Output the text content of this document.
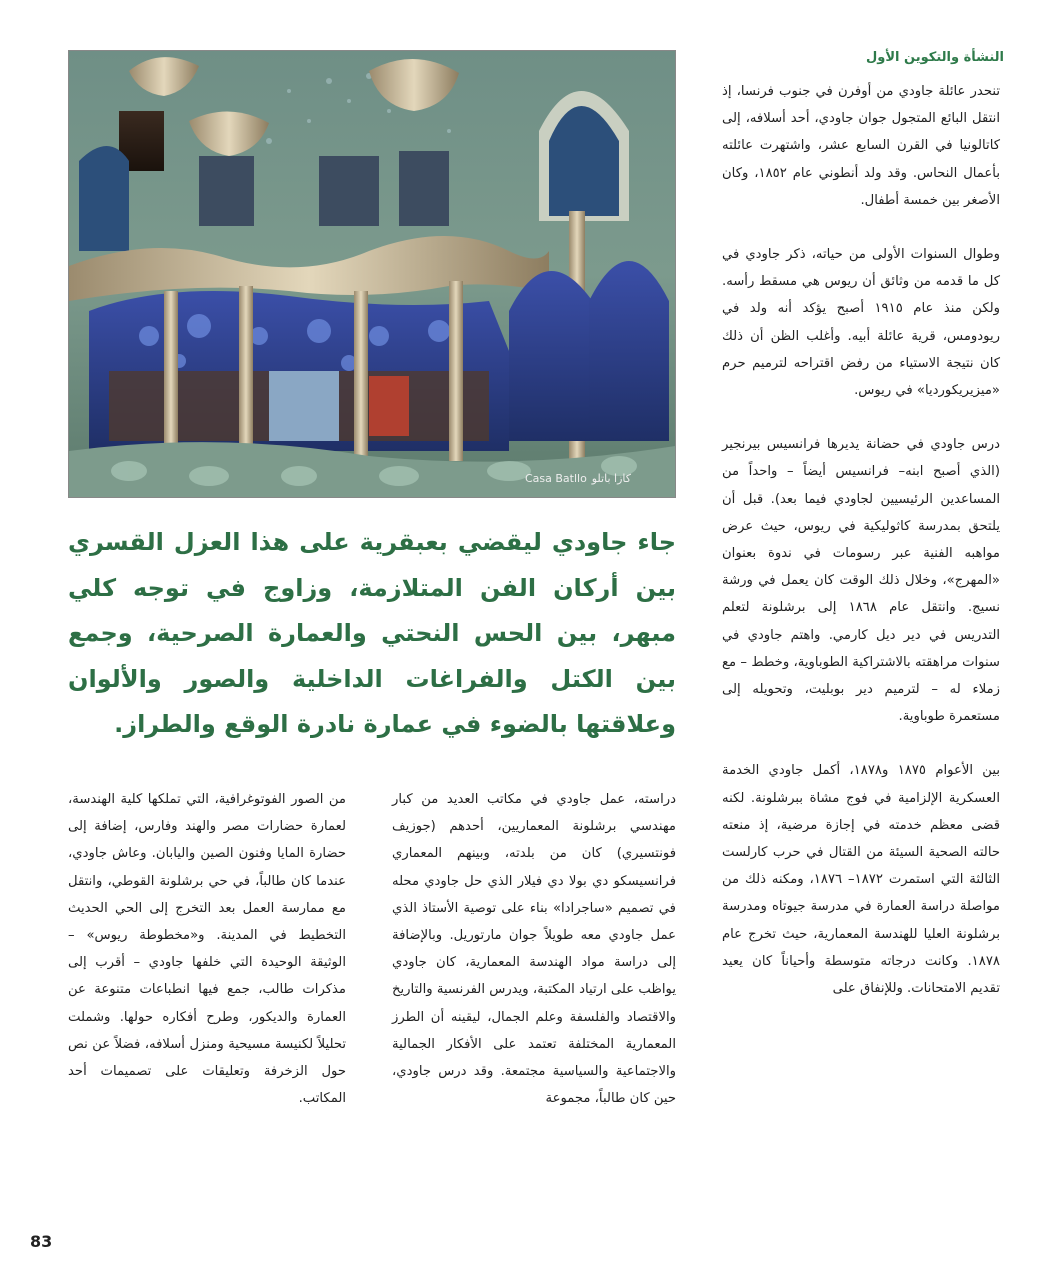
Casa Batllo كازا باتلو
النشأة والتكوين الأول

تنحدر عائلة جاودي من أوفرن في جنوب فرنسا، إذ انتقل البائع المتجول جوان جاودي، أحد أسلافه، إلى كاتالونيا في القرن السابع عشر، واشتهرت عائلته بأعمال النحاس. وقد ولد أنطوني عام ١٨٥٢، وكان الأصغر بين خمسة أطفال.

وطوال السنوات الأولى من حياته، ذكر جاودي في كل ما قدمه من وثائق أن ريوس هي مسقط رأسه. ولكن منذ عام ١٩١٥ أصبح يؤكد أنه ولد في ريودومس، قرية عائلة أبيه. وأغلب الظن أن ذلك كان نتيجة الاستياء من رفض اقتراحه لترميم حرم «ميزيريكورديا» في ريوس.

درس جاودي في حضانة يديرها فرانسيس بيرنجير (الذي أصبح ابنه– فرانسيس أيضاً – واحداً من المساعدين الرئيسيين لجاودي فيما بعد). قبل أن يلتحق بمدرسة كاثوليكية في ريوس، حيث عرض مواهبه الفنية عبر رسومات في ندوة بعنوان «المهرج»، وخلال ذلك الوقت كان يعمل في ورشة نسيج. وانتقل عام ١٨٦٨ إلى برشلونة لتعلم التدريس في دير ديل كارمي. واهتم جاودي في سنوات مراهقته بالاشتراكية الطوباوية، وخطط – مع زملاء له – لترميم دير بوبليت، وتحويله إلى مستعمرة طوباوية.

بين الأعوام ١٨٧٥ و١٨٧٨، أكمل جاودي الخدمة العسكرية الإلزامية في فوج مشاة ببرشلونة. لكنه قضى معظم خدمته في إجازة مرضية، إذ منعته حالته الصحية السيئة من القتال في حرب كارلست الثالثة التي استمرت ١٨٧٢– ١٨٧٦، ومكنه ذلك من مواصلة دراسة العمارة في مدرسة جيوتاه ومدرسة برشلونة العليا للهندسة المعمارية، حيث تخرج عام ١٨٧٨. وكانت درجاته متوسطة وأحياناً كان يعيد تقديم الامتحانات. وللإنفاق على

جاء جاودي ليقضي بعبقرية على هذا العزل القسري بين أركان الفن المتلازمة، وزاوج في توجه كلي مبهر، بين الحس النحتي والعمارة الصرحية، وجمع بين الكتل والفراغات الداخلية والصور والألوان وعلاقتها بالضوء في عمارة نادرة الوقع والطراز.

دراسته، عمل جاودي في مكاتب العديد من كبار مهندسي برشلونة المعماريين، أحدهم (جوزيف فونتسيري) كان من بلدته، وبينهم المعماري فرانسيسكو دي بولا دي فيلار الذي حل جاودي محله في تصميم «ساجرادا» بناء على توصية الأستاذ الذي عمل جاودي معه طويلاً جوان مارتوريل. وبالإضافة إلى دراسة مواد الهندسة المعمارية، كان جاودي يواظب على ارتياد المكتبة، ويدرس الفرنسية والتاريخ والاقتصاد والفلسفة وعلم الجمال، ليقينه أن الطرز المعمارية المختلفة تعتمد على الأفكار الجمالية والاجتماعية والسياسية مجتمعة. وقد درس جاودي، حين كان طالباً، مجموعة

من الصور الفوتوغرافية، التي تملكها كلية الهندسة، لعمارة حضارات مصر والهند وفارس، إضافة إلى حضارة المايا وفنون الصين واليابان. وعاش جاودي، عندما كان طالباً، في حي برشلونة القوطي، وانتقل مع ممارسة العمل بعد التخرج إلى الحي الحديث التخطيط في المدينة. و«مخطوطة ريوس» – الوثيقة الوحيدة التي خلفها جاودي – أقرب إلى مذكرات طالب، جمع فيها انطباعات متنوعة عن العمارة والديكور، وطرح أفكاره حولها. وشملت تحليلاً لكنيسة مسيحية ومنزل أسلافه، فضلاً عن نص حول الزخرفة وتعليقات على تصميمات أحد المكاتب.

83
